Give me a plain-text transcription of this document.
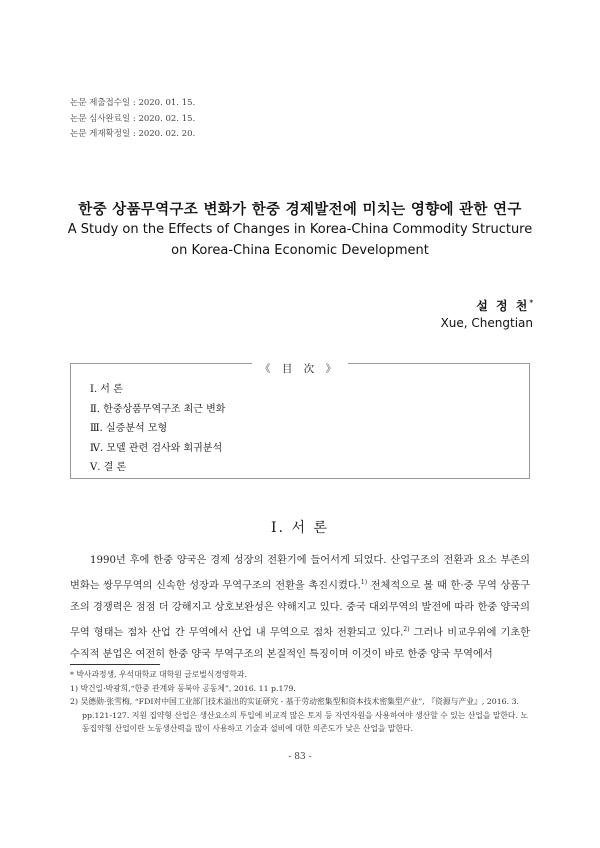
논문 제출접수일 : 2020. 01. 15.
논문 심사완료일 : 2020. 02. 15.
논문 게재확정일 : 2020. 02. 20.
한중 상품무역구조 변화가 한중 경제발전에 미치는 영향에 관한 연구
A Study on the Effects of Changes in Korea-China Commodity Structure
on Korea-China Economic Development
설 정 천*
Xue, Chengtian
《 目 次 》
Ⅰ. 서 론
Ⅱ. 한중상품무역구조 최근 변화
Ⅲ. 실증분석 모형
Ⅳ. 모델 관련 검사와 회귀분석
Ⅴ. 결 론
Ⅰ. 서 론

1990년 후에 한중 양국은 경제 성장의 전환기에 들어서게 되었다. 산업구조의 전환과 요소 부존의 변화는 쌍무무역의 신속한 성장과 무역구조의 전환을 촉진시켰다.$^{1)}$ 전체적으로 볼 때 한·중 무역 상품구조의 경쟁력은 점점 더 강해지고 상호보완성은 약해지고 있다. 중국 대외무역의 발전에 따라 한중 양국의 무역 형태는 점차 산업 간 무역에서 산업 내 무역으로 점차 전환되고 있다.$^{2)}$ 그러나 비교우위에 기초한 수직적 분업은 여전히 한중 양국 무역구조의 본질적인 특징이며 이것이 바로 한중 양국 무역에서

* 박사과정생, 우석대학교 대학원 글로벌식경영학과.
1) 박건일·박광희,“한중 관계와 동북아 공동체”, 2016. 11 p.179.
2) 吴德勋·张雪梅, “FDI对中国工业部门技术溢出的实证研究 - 基于劳动密集型和资本技术密集型产业”, 『资源与产业』, 2016. 3. pp.121-127. 지원 집약형 산업은 생산요소의 투입에 비교적 많은 토지 등 자연자원을 사용하여야 생산할 수 있는 산업을 말한다. 노동집약형 산업이란 노동생산력을 많이 사용하고 기술과 설비에 대한 의존도가 낮은 산업을 말한다.
- 83 -
